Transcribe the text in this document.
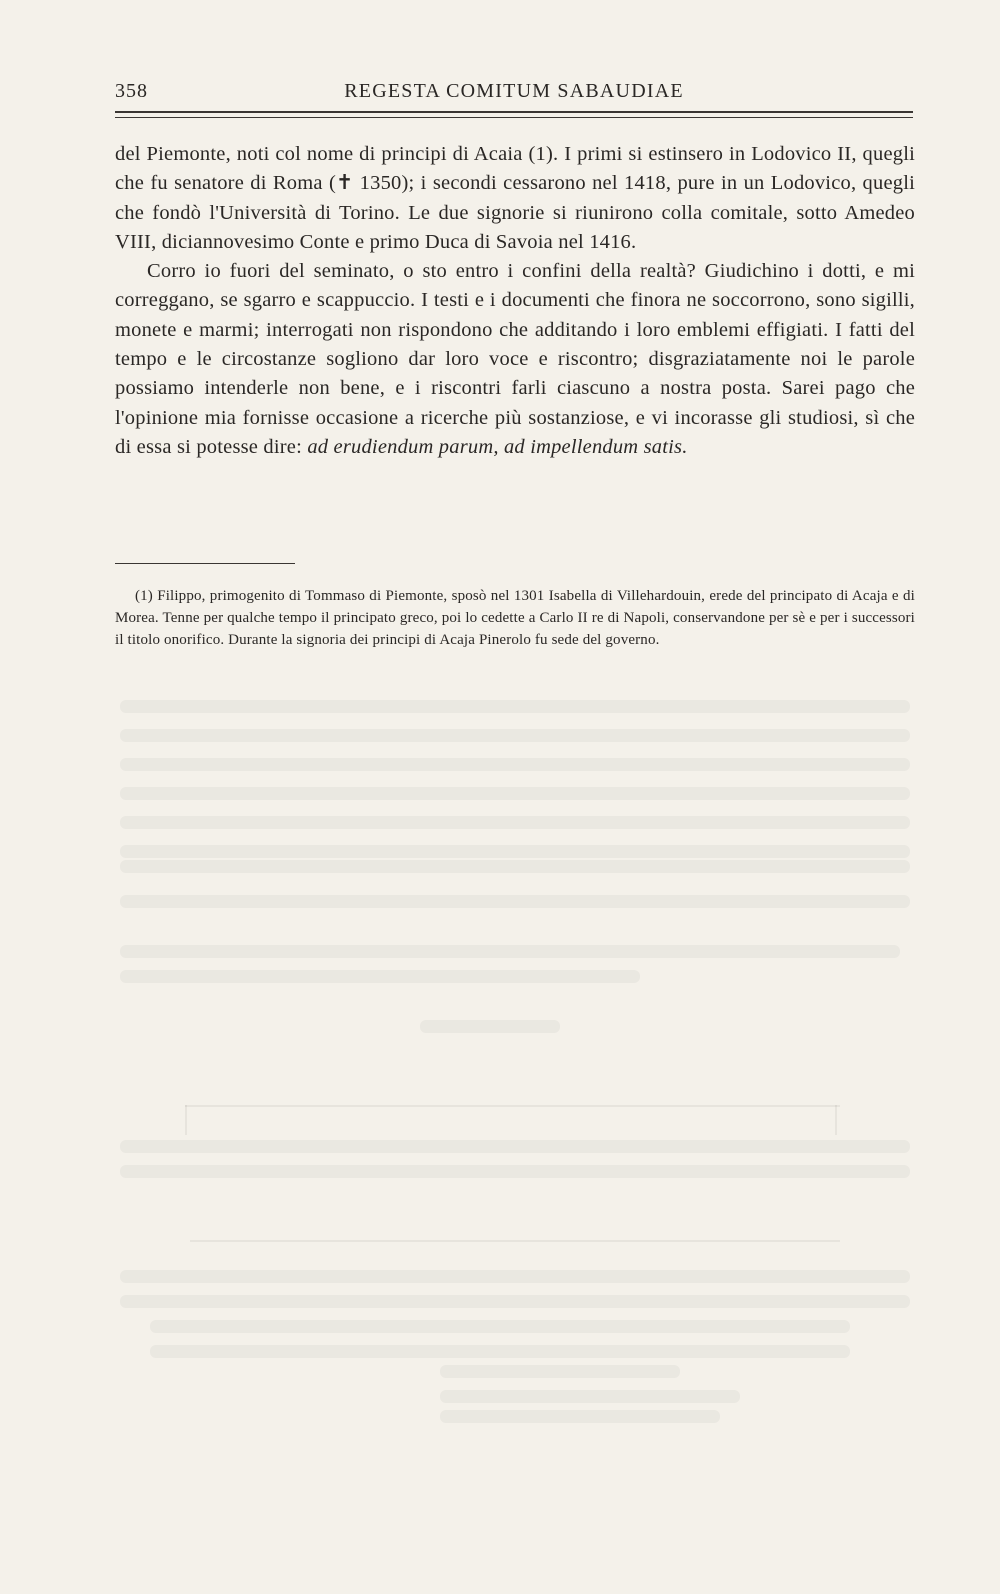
358	REGESTA COMITUM SABAUDIAE

del Piemonte, noti col nome di principi di Acaia (1). I primi si estinsero in Lodovico II, quegli che fu senatore di Roma (✝ 1350); i secondi cessarono nel 1418, pure in un Lodovico, quegli che fondò l'Università di Torino. Le due signorie si riunirono colla comitale, sotto Amedeo VIII, diciannovesimo Conte e primo Duca di Savoia nel 1416.

Corro io fuori del seminato, o sto entro i confini della realtà? Giudichino i dotti, e mi correggano, se sgarro e scappuccio. I testi e i documenti che finora ne soccorrono, sono sigilli, monete e marmi; interrogati non rispondono che additando i loro emblemi effigiati. I fatti del tempo e le circostanze sogliono dar loro voce e riscontro; disgraziatamente noi le parole possiamo intenderle non bene, e i riscontri farli ciascuno a nostra posta. Sarei pago che l'opinione mia fornisse occasione a ricerche più sostanziose, e vi incorasse gli studiosi, sì che di essa si potesse dire: ad erudiendum parum, ad impellendum satis.

(1) Filippo, primogenito di Tommaso di Piemonte, sposò nel 1301 Isabella di Villehardouin, erede del principato di Acaja e di Morea. Tenne per qualche tempo il principato greco, poi lo cedette a Carlo II re di Napoli, conservandone per sè e per i successori il titolo onorifico. Durante la signoria dei principi di Acaja Pinerolo fu sede del governo.
